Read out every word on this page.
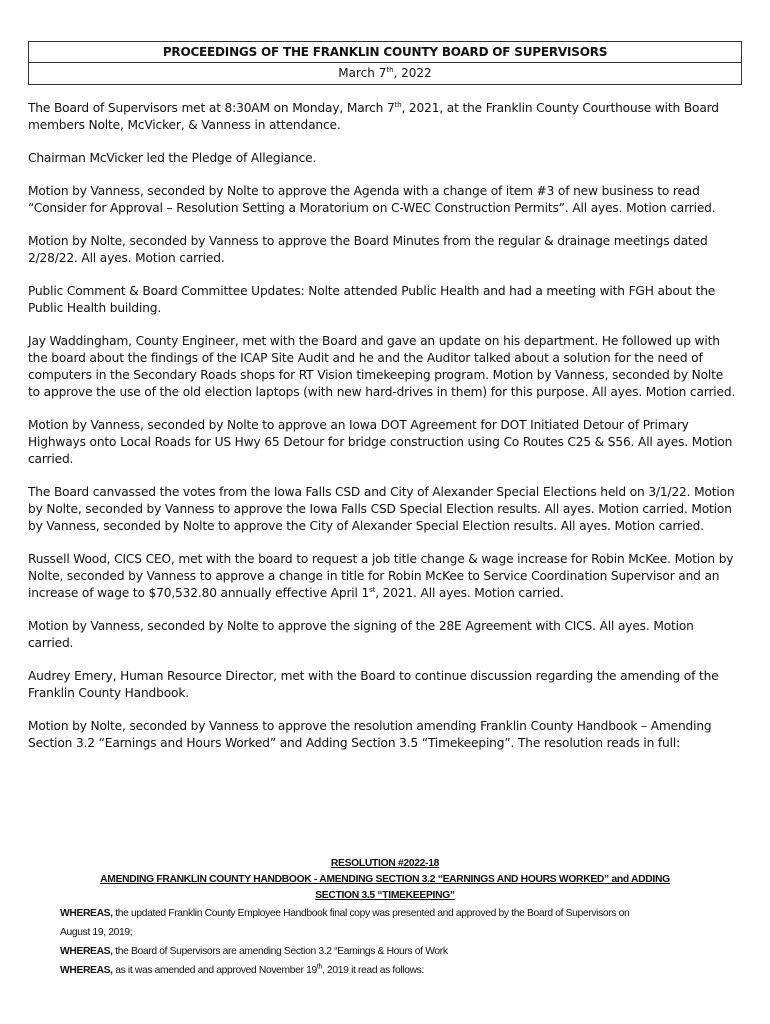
PROCEEDINGS OF THE FRANKLIN COUNTY BOARD OF SUPERVISORS
March 7th, 2022

The Board of Supervisors met at 8:30AM on Monday, March 7th, 2021, at the Franklin County Courthouse with Board members Nolte, McVicker, & Vanness in attendance.

Chairman McVicker led the Pledge of Allegiance.

Motion by Vanness, seconded by Nolte to approve the Agenda with a change of item #3 of new business to read “Consider for Approval – Resolution Setting a Moratorium on C-WEC Construction Permits”. All ayes. Motion carried.

Motion by Nolte, seconded by Vanness to approve the Board Minutes from the regular & drainage meetings dated 2/28/22. All ayes. Motion carried.

Public Comment & Board Committee Updates: Nolte attended Public Health and had a meeting with FGH about the Public Health building.

Jay Waddingham, County Engineer, met with the Board and gave an update on his department. He followed up with the board about the findings of the ICAP Site Audit and he and the Auditor talked about a solution for the need of computers in the Secondary Roads shops for RT Vision timekeeping program. Motion by Vanness, seconded by Nolte to approve the use of the old election laptops (with new hard-drives in them) for this purpose. All ayes. Motion carried.

Motion by Vanness, seconded by Nolte to approve an Iowa DOT Agreement for DOT Initiated Detour of Primary Highways onto Local Roads for US Hwy 65 Detour for bridge construction using Co Routes C25 & S56. All ayes. Motion carried.

The Board canvassed the votes from the Iowa Falls CSD and City of Alexander Special Elections held on 3/1/22. Motion by Nolte, seconded by Vanness to approve the Iowa Falls CSD Special Election results. All ayes. Motion carried. Motion by Vanness, seconded by Nolte to approve the City of Alexander Special Election results. All ayes. Motion carried.

Russell Wood, CICS CEO, met with the board to request a job title change & wage increase for Robin McKee. Motion by Nolte, seconded by Vanness to approve a change in title for Robin McKee to Service Coordination Supervisor and an increase of wage to $70,532.80 annually effective April 1st, 2021. All ayes. Motion carried.

Motion by Vanness, seconded by Nolte to approve the signing of the 28E Agreement with CICS. All ayes. Motion carried.

Audrey Emery, Human Resource Director, met with the Board to continue discussion regarding the amending of the Franklin County Handbook.

Motion by Nolte, seconded by Vanness to approve the resolution amending Franklin County Handbook – Amending Section 3.2 “Earnings and Hours Worked” and Adding Section 3.5 “Timekeeping”. The resolution reads in full:

RESOLUTION #2022-18
AMENDING FRANKLIN COUNTY HANDBOOK - AMENDING SECTION 3.2 “EARNINGS AND HOURS WORKED” and ADDING
SECTION 3.5 “TIMEKEEPING”
WHEREAS, the updated Franklin County Employee Handbook final copy was presented and approved by the Board of Supervisors on
August 19, 2019;
WHEREAS, the Board of Supervisors are amending Section 3.2 “Earnings & Hours of Work
WHEREAS, as it was amended and approved November 19th, 2019 it read as follows:
